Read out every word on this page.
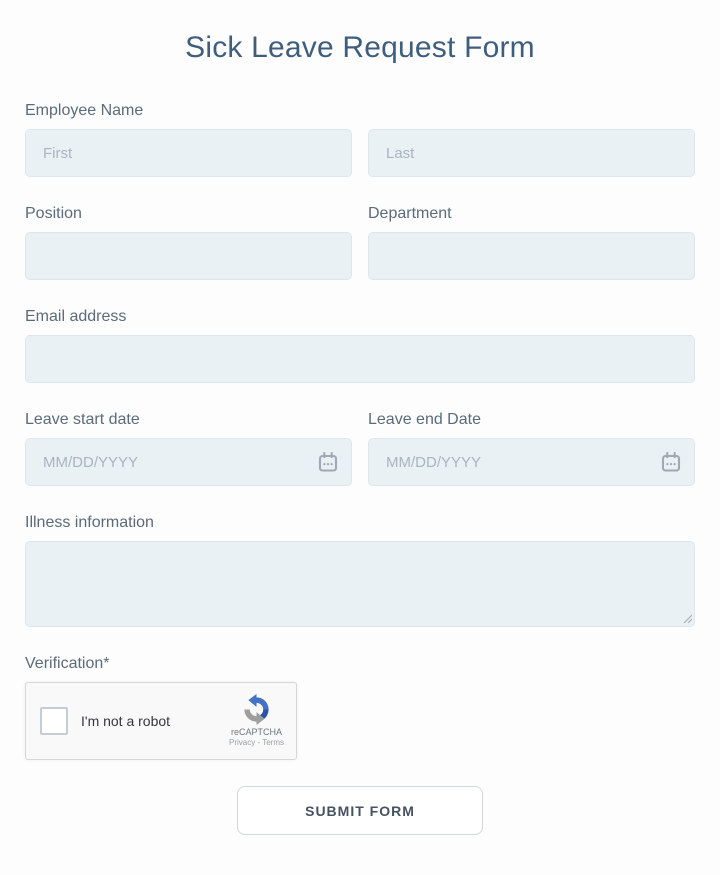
Sick Leave Request Form
Employee Name
First
Last
Position	Department
Email address
Leave start date
MM/DD/YYYY	Leave end Date
MM/DD/YYYY
Illness information
Verification*
I'm not a robot
reCAPTCHA
Privacy - Terms
SUBMIT FORM
